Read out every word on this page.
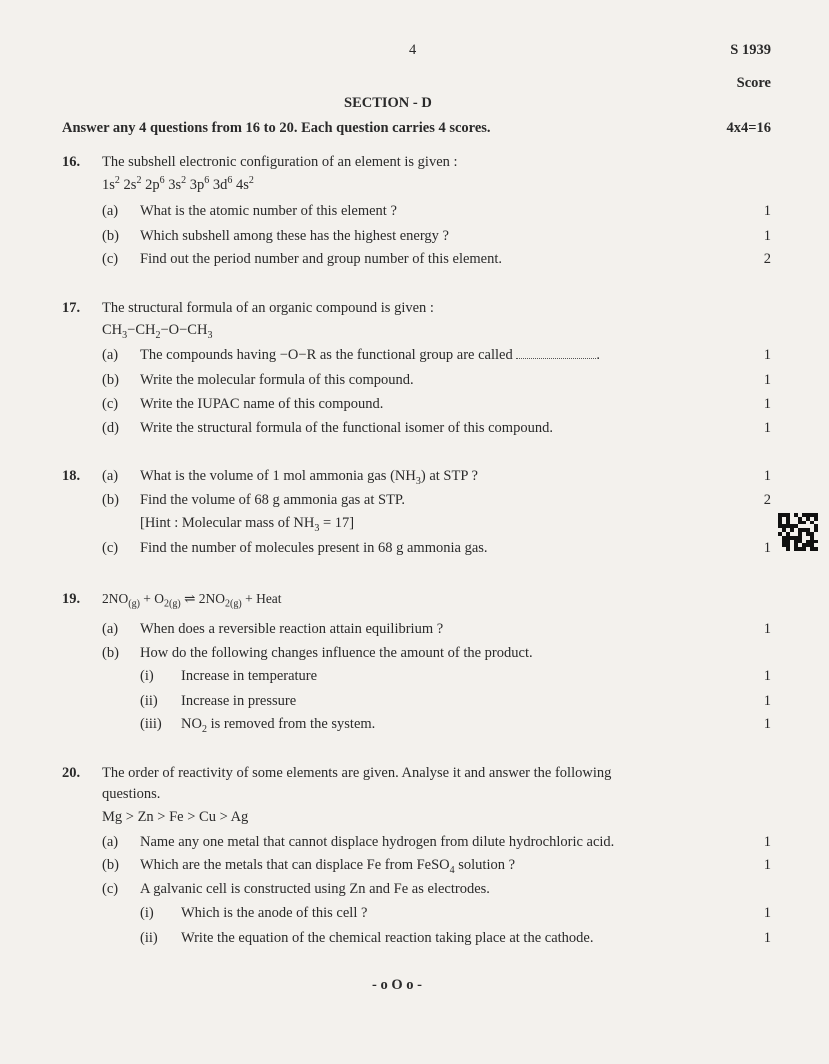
4	S 1939
Score
SECTION - D
Answer any 4 questions from 16 to 20. Each question carries 4 scores.	4x4=16
16. The subshell electronic configuration of an element is given :
$1s^2$ $2s^2$ $2p^6$ $3s^2$ $3p^6$ $3d^6$ $4s^2$
(a) What is the atomic number of this element ?	1
(b) Which subshell among these has the highest energy ?	1
(c) Find out the period number and group number of this element.	2
17. The structural formula of an organic compound is given :
$CH_3-CH_2-O-CH_3$
(a) The compounds having −O−R as the functional group are called	.	1
(b) Write the molecular formula of this compound.	1
(c) Write the IUPAC name of this compound.	1
(d) Write the structural formula of the functional isomer of this compound.	1
18. (a) What is the volume of 1 mol ammonia gas $(NH_3)$ at STP ?	1
(b) Find the volume of 68 g ammonia gas at STP.	2
[Hint : Molecular mass of $NH_3 = 17$]
(c) Find the number of molecules present in 68 g ammonia gas.	1
19. $2NO_{(g)} + O_{2(g)}$ ⇌ $2NO_{2(g)}$ + Heat
(a) When does a reversible reaction attain equilibrium ?	1
(b) How do the following changes influence the amount of the product.
(i) Increase in temperature	1
(ii) Increase in pressure	1
(iii) $NO_2$ is removed from the system.	1
20. The order of reactivity of some elements are given. Analyse it and answer the following
questions.
Mg > Zn > Fe > Cu > Ag
(a) Name any one metal that cannot displace hydrogen from dilute hydrochloric acid.	1
(b) Which are the metals that can displace Fe from FeSO$_4$ solution ?	1
(c) A galvanic cell is constructed using Zn and Fe as electrodes.
(i) Which is the anode of this cell ?	1
(ii) Write the equation of the chemical reaction taking place at the cathode.	1
- o O o -
